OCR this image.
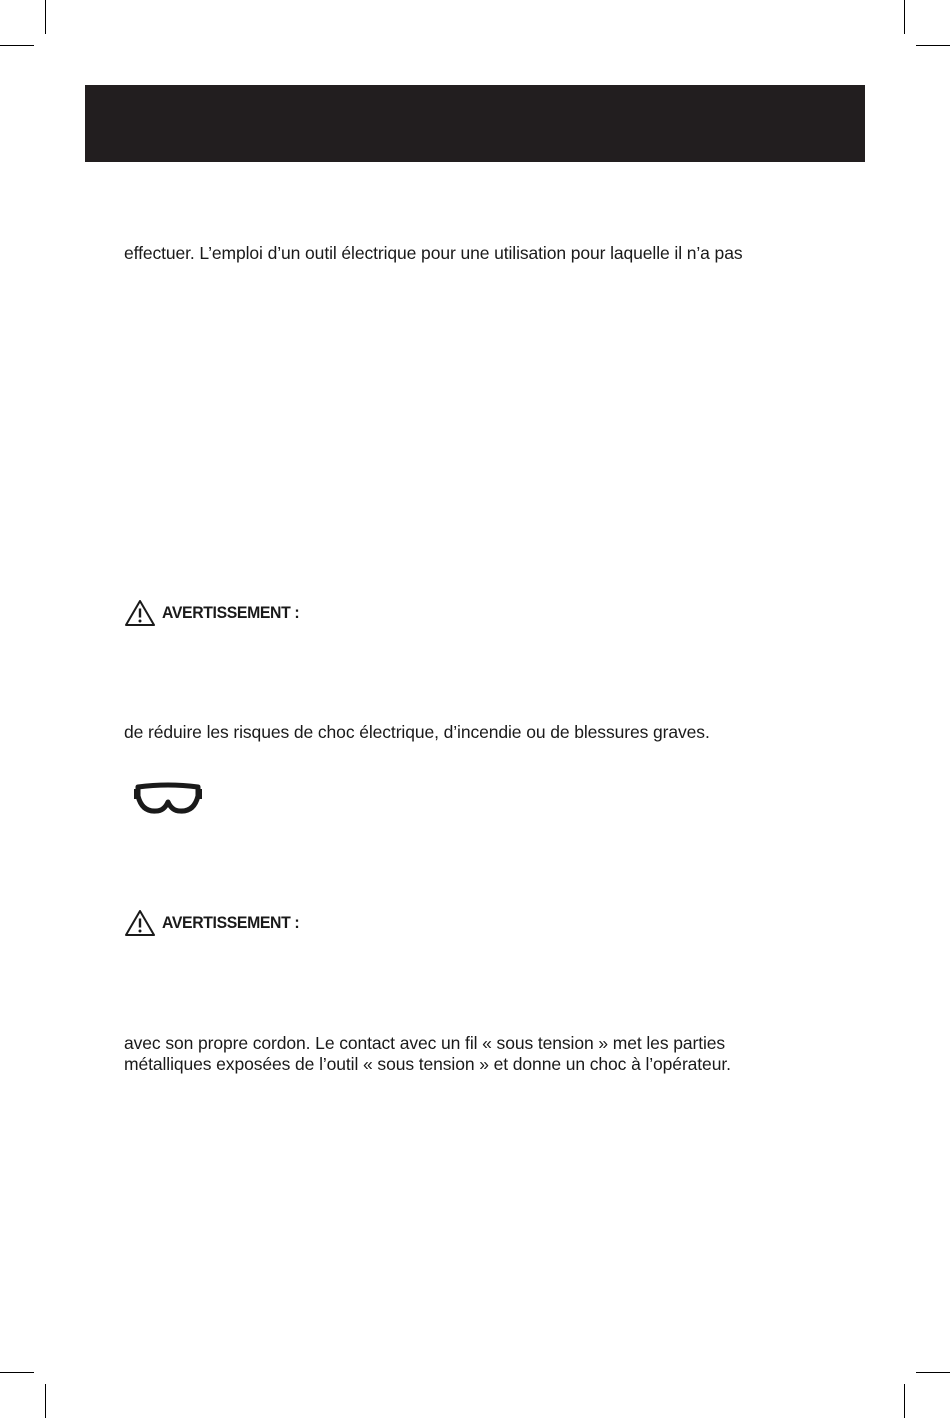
effectuer. L’emploi d’un outil électrique pour une utilisation pour laquelle il n’a pas
AVERTISSEMENT :
de réduire les risques de choc électrique, d’incendie ou de blessures graves.
AVERTISSEMENT :
avec son propre cordon. Le contact avec un fil « sous tension » met les parties
métalliques exposées de l’outil « sous tension » et donne un choc à l’opérateur.
